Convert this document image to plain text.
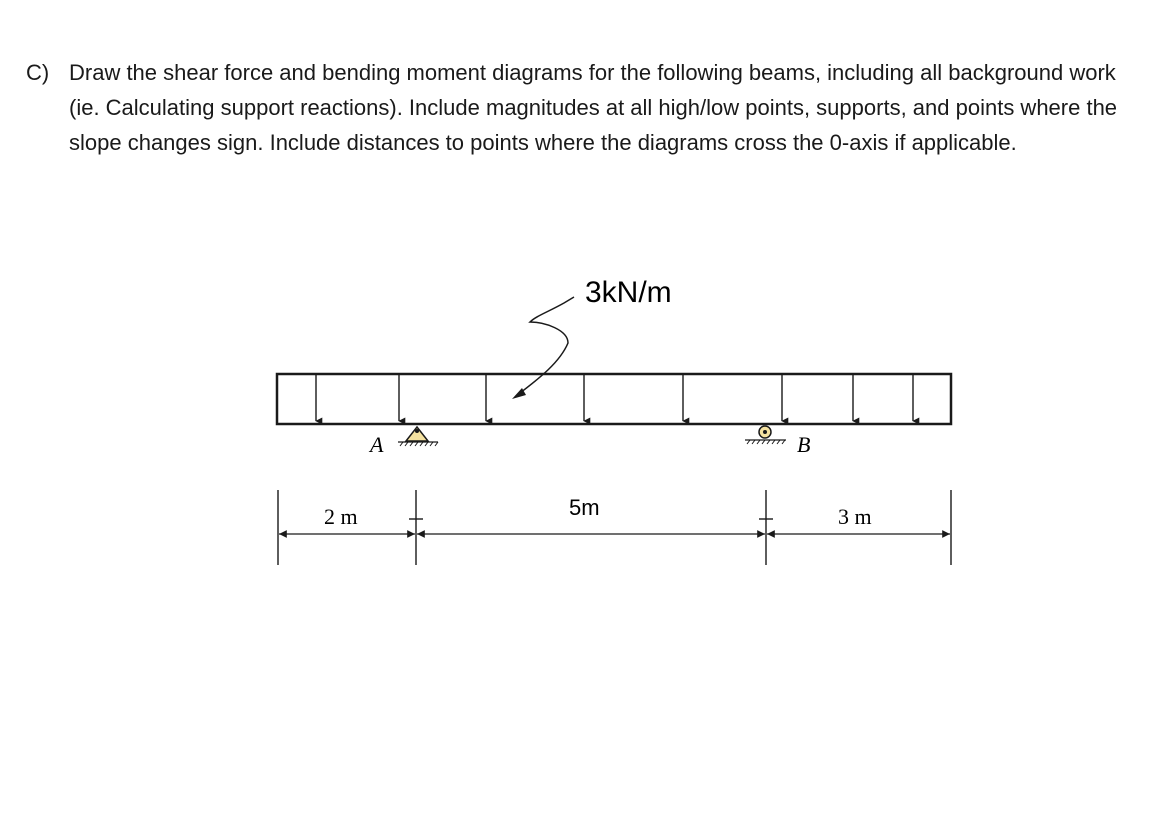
C) Draw the shear force and bending moment diagrams for the following beams, including all background work (ie. Calculating support reactions). Include magnitudes at all high/low points, supports, and points where the slope changes sign. Include distances to points where the diagrams cross the 0-axis if applicable.
3kN/m
A	B
2 m	5m	3 m
